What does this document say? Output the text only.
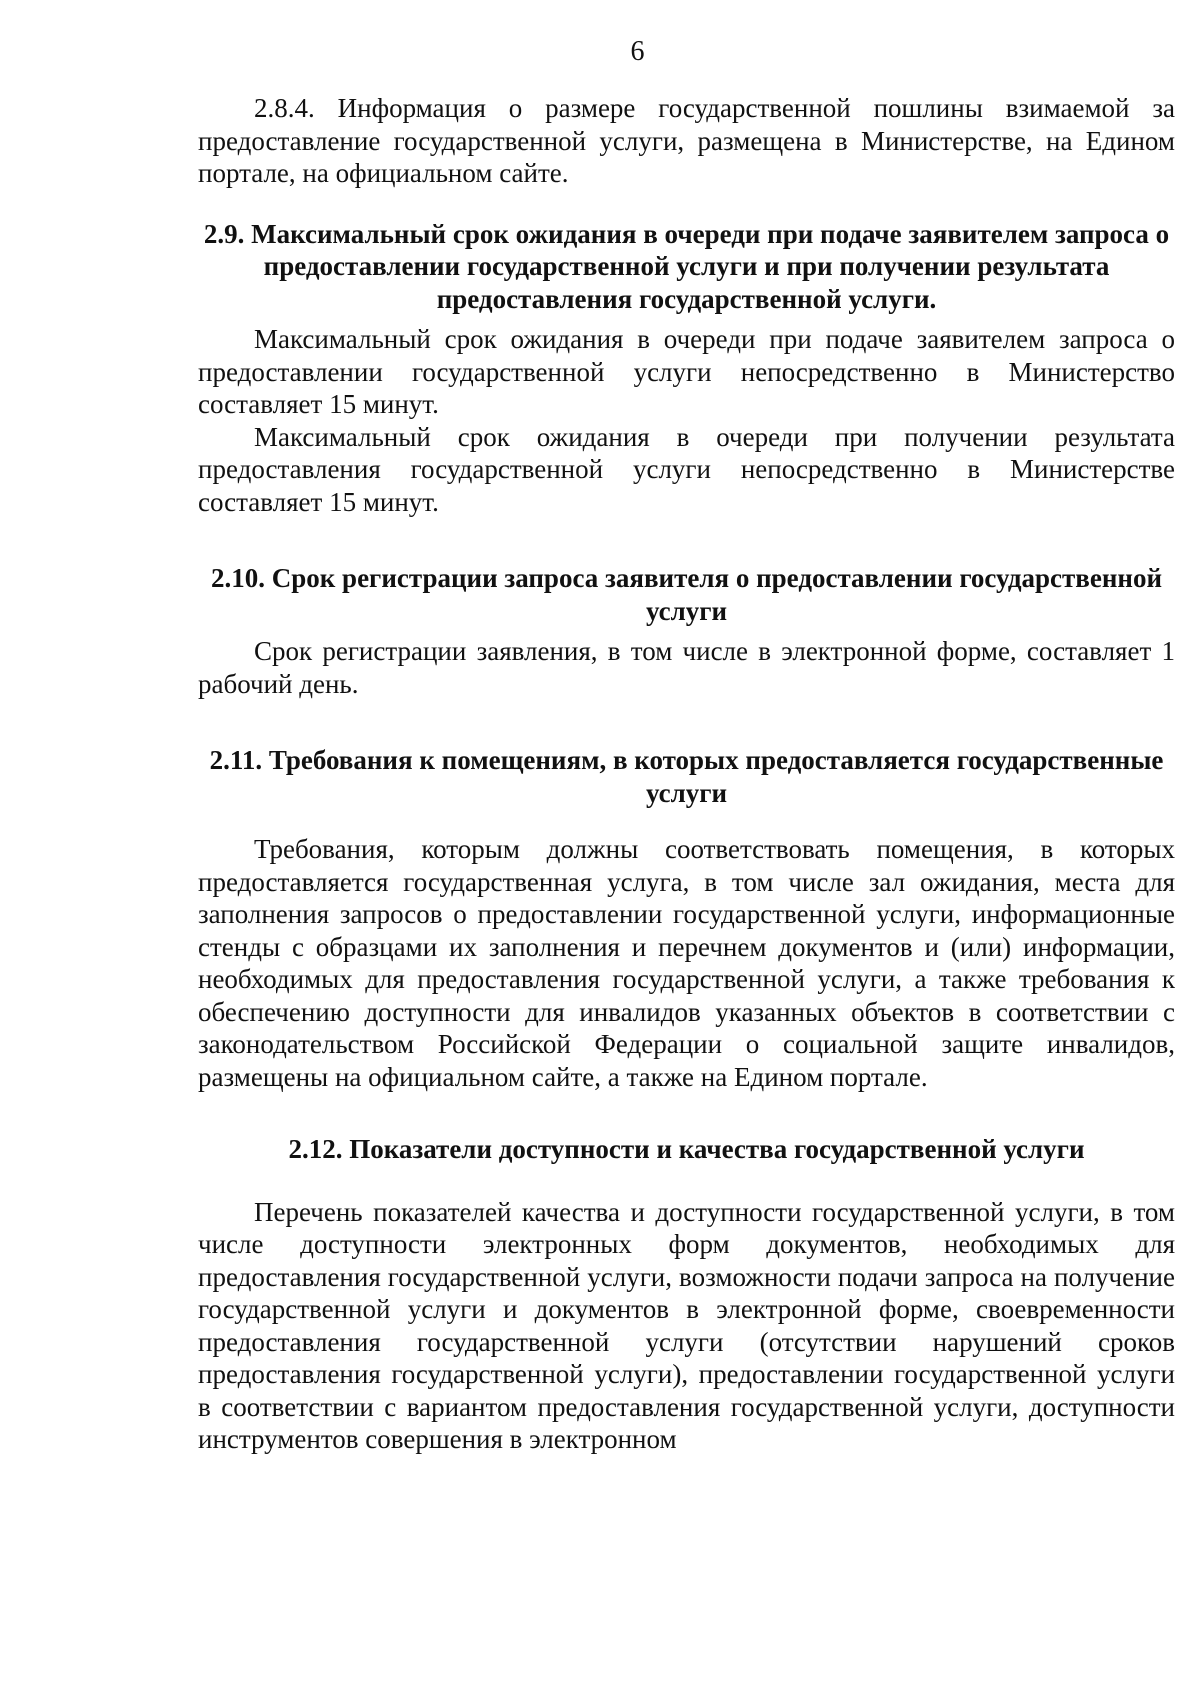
6

2.8.4. Информация о размере государственной пошлины взимаемой за предоставление государственной услуги, размещена в Министерстве, на Едином портале, на официальном сайте.

2.9. Максимальный срок ожидания в очереди при подаче заявителем запроса о предоставлении государственной услуги и при получении результата предоставления государственной услуги.

Максимальный срок ожидания в очереди при подаче заявителем запроса о предоставлении государственной услуги непосредственно в Министерство составляет 15 минут.

Максимальный срок ожидания в очереди при получении результата предоставления государственной услуги непосредственно в Министерстве составляет 15 минут.

2.10. Срок регистрации запроса заявителя о предоставлении государственной услуги

Срок регистрации заявления, в том числе в электронной форме, составляет 1 рабочий день.

2.11. Требования к помещениям, в которых предоставляется государственные услуги

Требования, которым должны соответствовать помещения, в которых предоставляется государственная услуга, в том числе зал ожидания, места для заполнения запросов о предоставлении государственной услуги, информационные стенды с образцами их заполнения и перечнем документов и (или) информации, необходимых для предоставления государственной услуги, а также требования к обеспечению доступности для инвалидов указанных объектов в соответствии с законодательством Российской Федерации о социальной защите инвалидов, размещены на официальном сайте, а также на Едином портале.

2.12. Показатели доступности и качества государственной услуги

Перечень показателей качества и доступности государственной услуги, в том числе доступности электронных форм документов, необходимых для предоставления государственной услуги, возможности подачи запроса на получение государственной услуги и документов в электронной форме, своевременности предоставления государственной услуги (отсутствии нарушений сроков предоставления государственной услуги), предоставлении государственной услуги в соответствии с вариантом предоставления государственной услуги, доступности инструментов совершения в электронном
